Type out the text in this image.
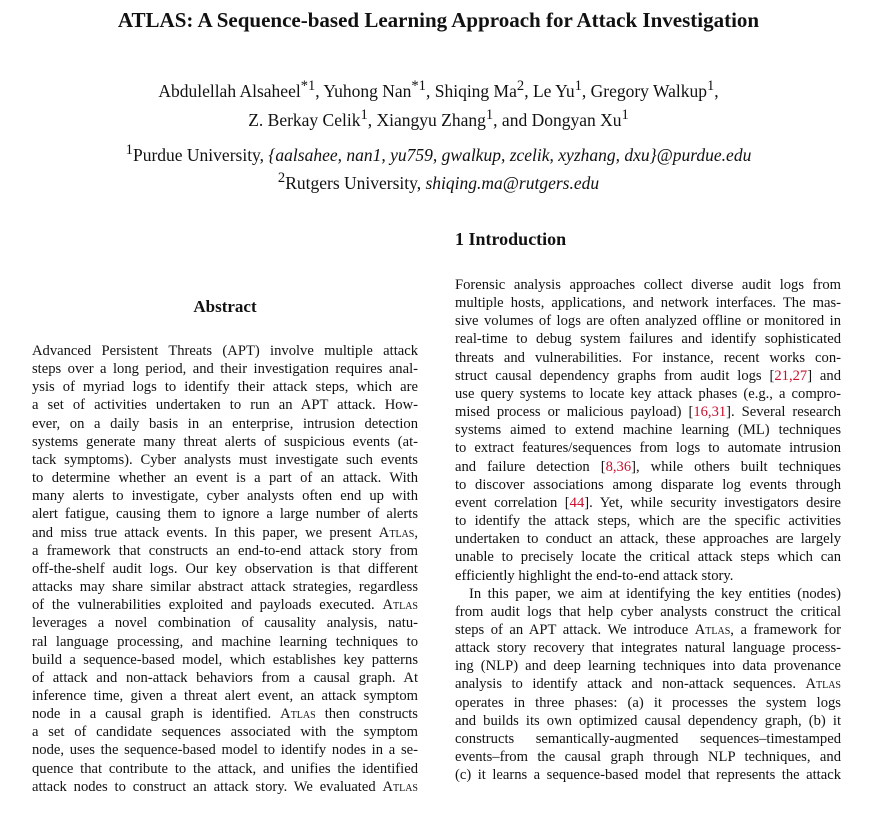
ATLAS: A Sequence-based Learning Approach for Attack Investigation
Abdulellah Alsaheel$^{*1}$, Yuhong Nan$^{*1}$, Shiqing Ma$^2$, Le Yu$^1$, Gregory Walkup$^1$,
Z. Berkay Celik$^1$, Xiangyu Zhang$^1$, and Dongyan Xu$^1$
$^1$Purdue University, {aalsahee, nan1, yu759, gwalkup, zcelik, xyzhang, dxu}@purdue.edu
$^2$Rutgers University, shiqing.ma@rutgers.edu
1 Introduction
Abstract
Advanced Persistent Threats (APT) involve multiple attack
steps over a long period, and their investigation requires anal-
ysis of myriad logs to identify their attack steps, which are
a set of activities undertaken to run an APT attack. How-
ever, on a daily basis in an enterprise, intrusion detection
systems generate many threat alerts of suspicious events (at-
tack symptoms). Cyber analysts must investigate such events
to determine whether an event is a part of an attack. With
many alerts to investigate, cyber analysts often end up with
alert fatigue, causing them to ignore a large number of alerts
and miss true attack events. In this paper, we present Atlas,
a framework that constructs an end-to-end attack story from
off-the-shelf audit logs. Our key observation is that different
attacks may share similar abstract attack strategies, regardless
of the vulnerabilities exploited and payloads executed. Atlas
leverages a novel combination of causality analysis, natu-
ral language processing, and machine learning techniques to
build a sequence-based model, which establishes key patterns
of attack and non-attack behaviors from a causal graph. At
inference time, given a threat alert event, an attack symptom
node in a causal graph is identified. Atlas then constructs
a set of candidate sequences associated with the symptom
node, uses the sequence-based model to identify nodes in a se-
quence that contribute to the attack, and unifies the identified
attack nodes to construct an attack story. We evaluated Atlas
Forensic analysis approaches collect diverse audit logs from
multiple hosts, applications, and network interfaces. The mas-
sive volumes of logs are often analyzed offline or monitored in
real-time to debug system failures and identify sophisticated
threats and vulnerabilities. For instance, recent works con-
struct causal dependency graphs from audit logs [21,27] and
use query systems to locate key attack phases (e.g., a compro-
mised process or malicious payload) [16,31]. Several research
systems aimed to extend machine learning (ML) techniques
to extract features/sequences from logs to automate intrusion
and failure detection [8,36], while others built techniques
to discover associations among disparate log events through
event correlation [44]. Yet, while security investigators desire
to identify the attack steps, which are the specific activities
undertaken to conduct an attack, these approaches are largely
unable to precisely locate the critical attack steps which can
efficiently highlight the end-to-end attack story.
In this paper, we aim at identifying the key entities (nodes)
from audit logs that help cyber analysts construct the critical
steps of an APT attack. We introduce Atlas, a framework for
attack story recovery that integrates natural language process-
ing (NLP) and deep learning techniques into data provenance
analysis to identify attack and non-attack sequences. Atlas
operates in three phases: (a) it processes the system logs
and builds its own optimized causal dependency graph, (b) it
constructs semantically-augmented sequences–timestamped
events–from the causal graph through NLP techniques, and
(c) it learns a sequence-based model that represents the attack
